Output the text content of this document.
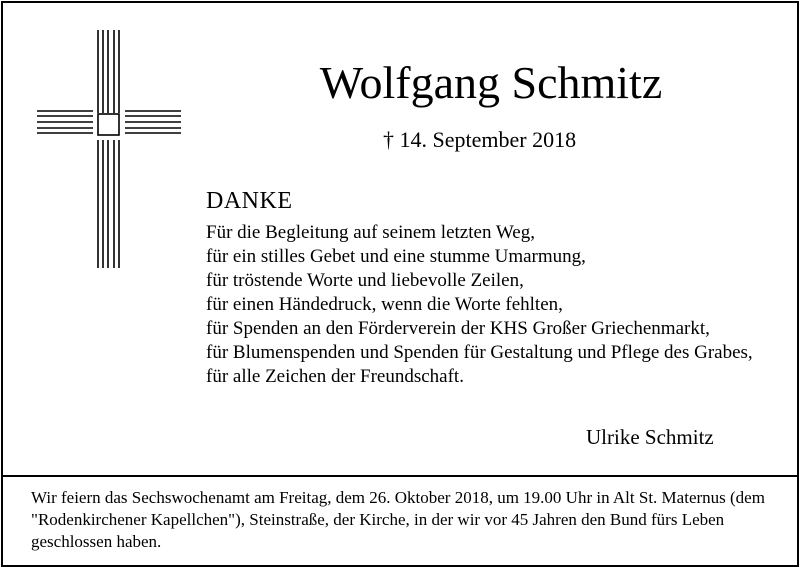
Wolfgang Schmitz
† 14. September 2018
DANKE
Für die Begleitung auf seinem letzten Weg,
für ein stilles Gebet und eine stumme Umarmung,
für tröstende Worte und liebevolle Zeilen,
für einen Händedruck, wenn die Worte fehlten,
für Spenden an den Förderverein der KHS Großer Griechenmarkt,
für Blumenspenden und Spenden für Gestaltung und Pflege des Grabes,
für alle Zeichen der Freundschaft.
Ulrike Schmitz

Wir feiern das Sechswochenamt am Freitag, dem 26. Oktober 2018, um 19.00 Uhr in Alt St. Maternus (dem "Rodenkirchener Kapellchen"), Steinstraße, der Kirche, in der wir vor 45 Jahren den Bund fürs Leben geschlossen haben.
